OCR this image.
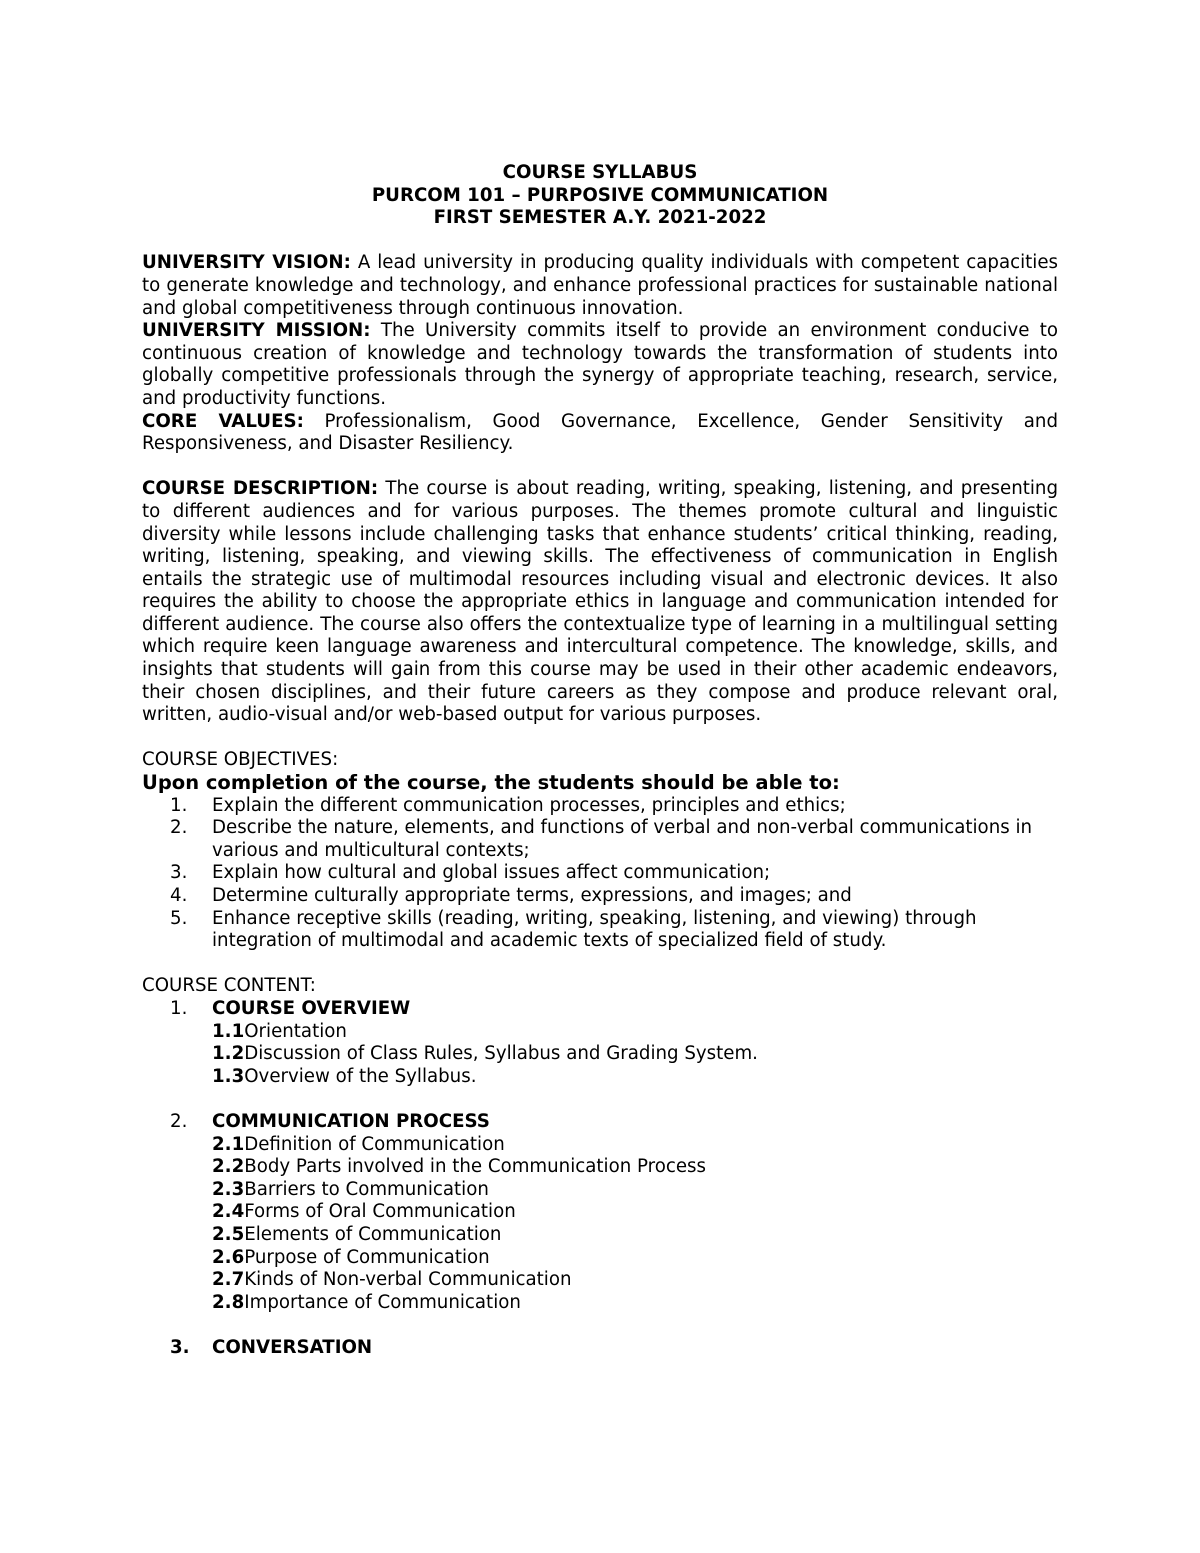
COURSE SYLLABUS
PURCOM 101 – PURPOSIVE COMMUNICATION
FIRST SEMESTER A.Y. 2021-2022

UNIVERSITY VISION: A lead university in producing quality individuals with competent capacities to generate knowledge and technology, and enhance professional practices for sustainable national and global competitiveness through continuous innovation.

UNIVERSITY MISSION: The University commits itself to provide an environment conducive to continuous creation of knowledge and technology towards the transformation of students into globally competitive professionals through the synergy of appropriate teaching, research, service, and productivity functions.

CORE VALUES: Professionalism, Good Governance, Excellence, Gender Sensitivity and Responsiveness, and Disaster Resiliency.

COURSE DESCRIPTION: The course is about reading, writing, speaking, listening, and presenting to different audiences and for various purposes. The themes promote cultural and linguistic diversity while lessons include challenging tasks that enhance students’ critical thinking, reading, writing, listening, speaking, and viewing skills. The effectiveness of communication in English entails the strategic use of multimodal resources including visual and electronic devices. It also requires the ability to choose the appropriate ethics in language and communication intended for different audience. The course also offers the contextualize type of learning in a multilingual setting which require keen language awareness and intercultural competence. The knowledge, skills, and insights that students will gain from this course may be used in their other academic endeavors, their chosen disciplines, and their future careers as they compose and produce relevant oral, written, audio-visual and/or web-based output for various purposes.

COURSE OBJECTIVES:
Upon completion of the course, the students should be able to:
1.	Explain the different communication processes, principles and ethics;
2.	Describe the nature, elements, and functions of verbal and non-verbal communications in various and multicultural contexts;
3.	Explain how cultural and global issues affect communication;
4.	Determine culturally appropriate terms, expressions, and images; and
5.	Enhance receptive skills (reading, writing, speaking, listening, and viewing) through integration of multimodal and academic texts of specialized field of study.
COURSE CONTENT:
1.	COURSE OVERVIEW
1.1Orientation
1.2Discussion of Class Rules, Syllabus and Grading System.
1.3Overview of the Syllabus.
2.	COMMUNICATION PROCESS
2.1Definition of Communication
2.2Body Parts involved in the Communication Process
2.3Barriers to Communication
2.4Forms of Oral Communication
2.5Elements of Communication
2.6Purpose of Communication
2.7Kinds of Non-verbal Communication
2.8Importance of Communication
3.	CONVERSATION
